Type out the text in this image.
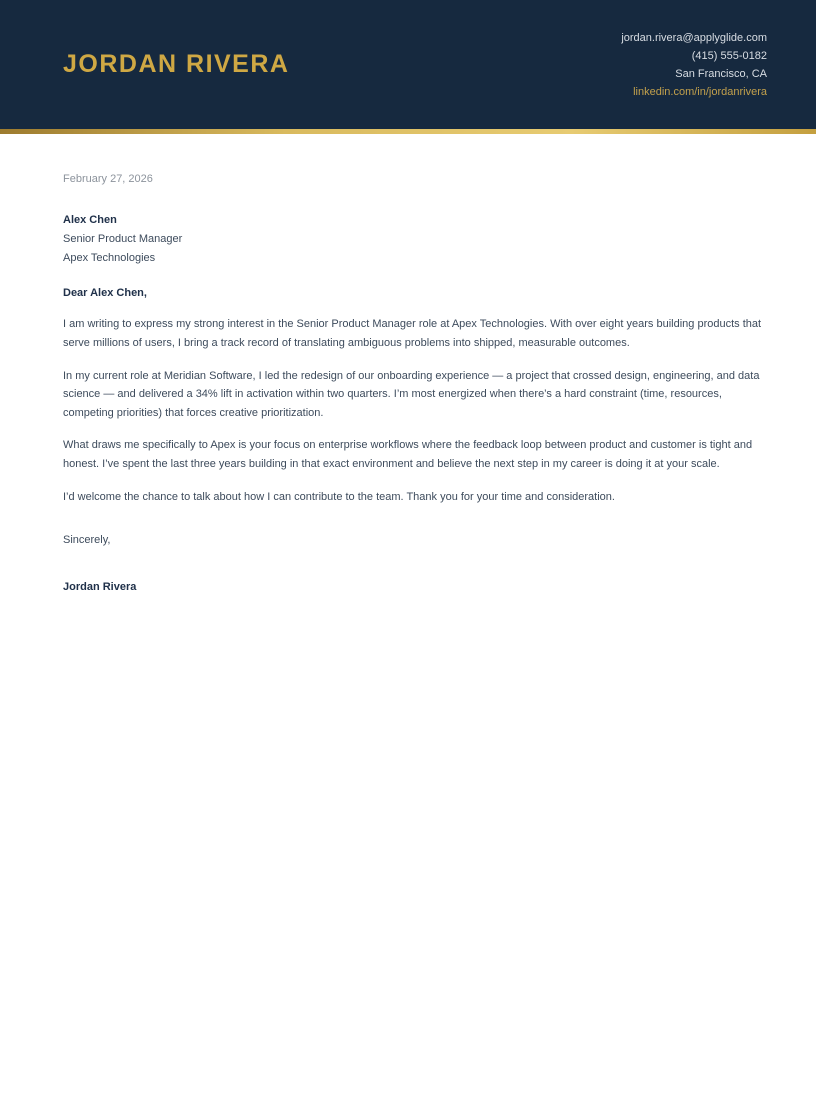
JORDAN RIVERA
jordan.rivera@applyglide.com
(415) 555-0182
San Francisco, CA
linkedin.com/in/jordanrivera
February 27, 2026
Alex Chen
Senior Product Manager
Apex Technologies
Dear Alex Chen,

I am writing to express my strong interest in the Senior Product Manager role at Apex Technologies. With over eight years building products that serve millions of users, I bring a track record of translating ambiguous problems into shipped, measurable outcomes.

In my current role at Meridian Software, I led the redesign of our onboarding experience — a project that crossed design, engineering, and data science — and delivered a 34% lift in activation within two quarters. I’m most energized when there’s a hard constraint (time, resources, competing priorities) that forces creative prioritization.

What draws me specifically to Apex is your focus on enterprise workflows where the feedback loop between product and customer is tight and honest. I’ve spent the last three years building in that exact environment and believe the next step in my career is doing it at your scale.

I’d welcome the chance to talk about how I can contribute to the team. Thank you for your time and consideration.

Sincerely,
Jordan Rivera
